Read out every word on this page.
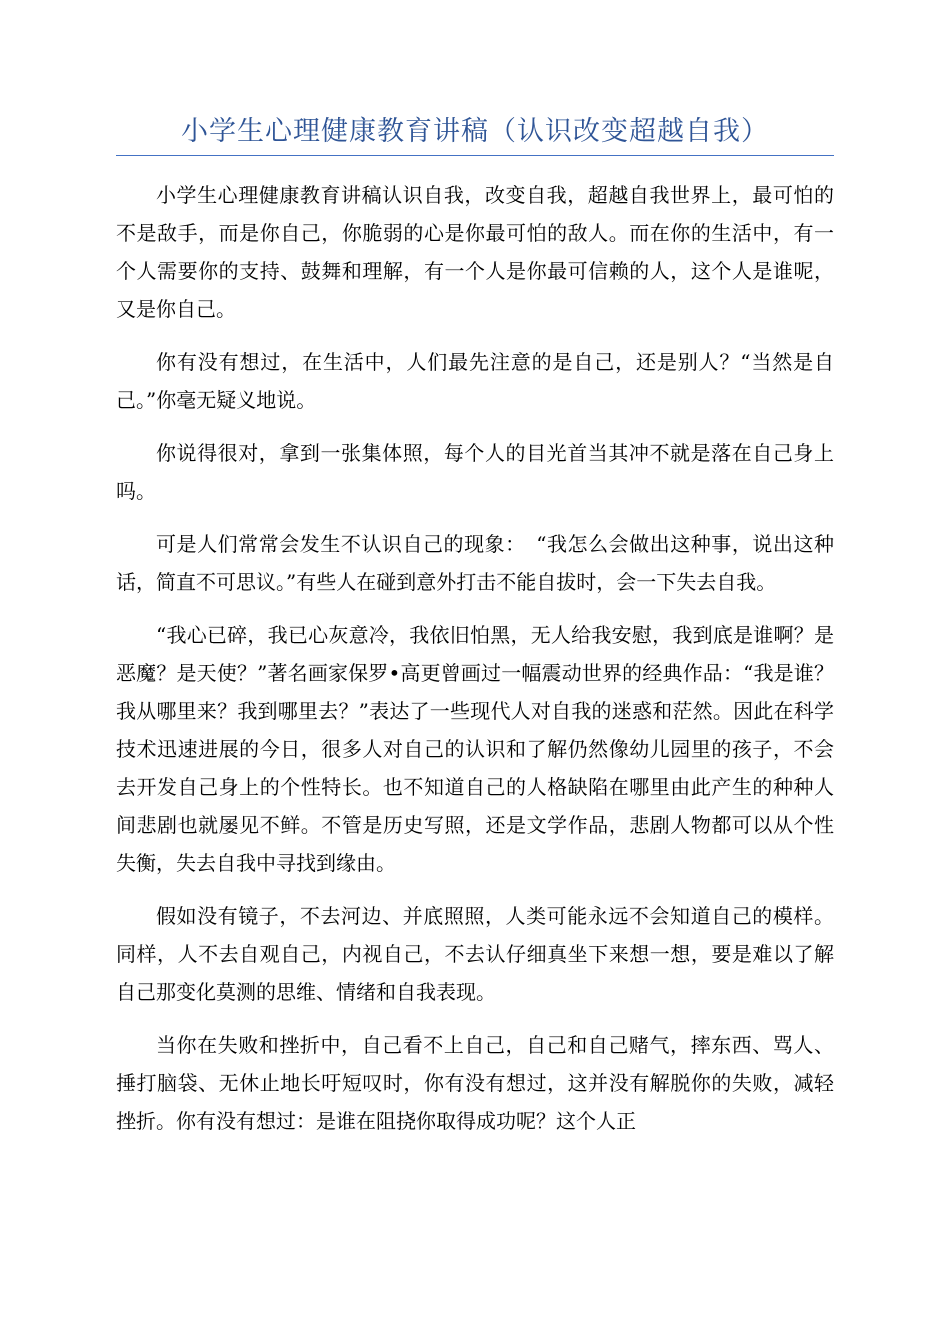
小学生心理健康教育讲稿（认识改变超越自我）

小学生心理健康教育讲稿认识自我，改变自我，超越自我世界上，最可怕的不是敌手，而是你自己，你脆弱的心是你最可怕的敌人。而在你的生活中，有一个人需要你的支持、鼓舞和理解，有一个人是你最可信赖的人，这个人是谁呢，又是你自己。

你有没有想过，在生活中，人们最先注意的是自己，还是别人？“当然是自己。”你毫无疑义地说。

你说得很对，拿到一张集体照，每个人的目光首当其冲不就是落在自己身上吗。

可是人们常常会发生不认识自己的现象：　“我怎么会做出这种事，说出这种话，简直不可思议。”有些人在碰到意外打击不能自拔时，会一下失去自我。

“我心已碎，我已心灰意冷，我依旧怕黑，无人给我安慰，我到底是谁啊？是恶魔？是天使？”著名画家保罗•高更曾画过一幅震动世界的经典作品：“我是谁？我从哪里来？我到哪里去？”表达了一些现代人对自我的迷惑和茫然。因此在科学技术迅速进展的今日，很多人对自己的认识和了解仍然像幼儿园里的孩子，不会去开发自己身上的个性特长。也不知道自己的人格缺陷在哪里由此产生的种种人间悲剧也就屡见不鲜。不管是历史写照，还是文学作品，悲剧人物都可以从个性失衡，失去自我中寻找到缘由。

假如没有镜子，不去河边、并底照照，人类可能永远不会知道自己的模样。同样，人不去自观自己，内视自己，不去认仔细真坐下来想一想，要是难以了解自己那变化莫测的思维、情绪和自我表现。

当你在失败和挫折中，自己看不上自己，自己和自己赌气，摔东西、骂人、捶打脑袋、无休止地长吁短叹时，你有没有想过，这并没有解脱你的失败，减轻挫折。你有没有想过：是谁在阻挠你取得成功呢？这个人正
